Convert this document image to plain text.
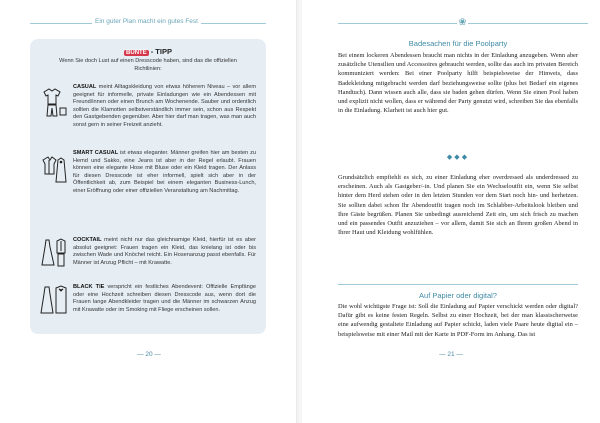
Ein guter Plan macht ein gutes Fest
BUNTE - TIPP
Wenn Sie doch Lust auf einen Dresscode haben, sind das die offiziellen Richtlinien:
CASUAL meint Alltagskleidung von etwas höherem Niveau – vor allem geeignet für informelle, private Einladungen wie ein Abendessen mit Freund/innen oder einen Brunch am Wochenende. Sauber und ordentlich sollten die Klamotten selbstverständlich immer sein, schon aus Respekt den Gastgebenden gegenüber. Aber hier darf man tragen, was man auch sonst gern in seiner Freizeit anzieht.
SMART CASUAL ist etwas eleganter. Männer greifen hier am besten zu Hemd und Sakko, eine Jeans ist aber in der Regel erlaubt. Frauen können eine elegante Hose mit Bluse oder ein Kleid tragen. Der Anlass für diesen Dresscode ist eher informell, spielt sich aber in der Öffentlichkeit ab, zum Beispiel bei einem eleganten Business-Lunch, einer Eröffnung oder einer offiziellen Veranstaltung am Nachmittag.
COCKTAIL meint nicht nur das gleichnamige Kleid, hierfür ist es aber absolut geeignet: Frauen tragen ein Kleid, das knielang ist oder bis zwischen Wade und Knöchel reicht. Ein Hosenanzug passt ebenfalls. Für Männer ist Anzug Pflicht – mit Krawatte.
BLACK TIE verspricht ein festliches Abendevent: Offizielle Empfänge oder eine Hochzeit schreiben diesen Dresscode aus, wenn dort die Frauen lange Abendkleider tragen und die Männer im schwarzen Anzug mit Krawatte oder im Smoking mit Fliege erscheinen sollen.
— 20 —
❀
Badesachen für die Poolparty
Bei einem lockeren Abendessen braucht man nichts in der Einladung anzugeben. Wenn aber zusätzliche Utensilien und Accessoires gebraucht werden, sollte das auch im privaten Bereich kommuniziert werden: Bei einer Poolparty hilft beispielsweise der Hinweis, dass Badekleidung mitgebracht werden darf beziehungsweise sollte (plus bei Bedarf ein eigenes Handtuch). Dann wissen auch alle, dass sie baden gehen dürfen. Wenn Sie einen Pool haben und explizit nicht wollen, dass er während der Party genutzt wird, schreiben Sie das ebenfalls in die Einladung. Klarheit ist auch hier gut.
◆◆◆
Grundsätzlich empfiehlt es sich, zu einer Einladung eher overdressed als underdressed zu erscheinen. Auch als Gastgeber/-in. Und planen Sie ein Wechseloutfit ein, wenn Sie selbst hinter dem Herd stehen oder in den letzten Stunden vor dem Start noch hin- und herhetzen. Sie sollten dabei schon Ihr Abendoutfit tragen noch im Schlabber-Arbeitslook bleiben und Ihre Gäste begrüßen. Planen Sie unbedingt ausreichend Zeit ein, um sich frisch zu machen und ein passendes Outfit anzuziehen – vor allem, damit Sie sich an Ihrem großen Abend in Ihrer Haut und Kleidung wohlfühlen.
Auf Papier oder digital?
Die wohl wichtigste Frage ist: Soll die Einladung auf Papier verschickt werden oder digital? Dafür gibt es keine festen Regeln. Selbst zu einer Hochzeit, bei der man klassischerweise eine aufwendig gestaltete Einladung auf Papier schickt, laden viele Paare heute digital ein – beispielsweise mit einer Mail mit der Karte in PDF-Form im Anhang. Das ist
— 21 —
